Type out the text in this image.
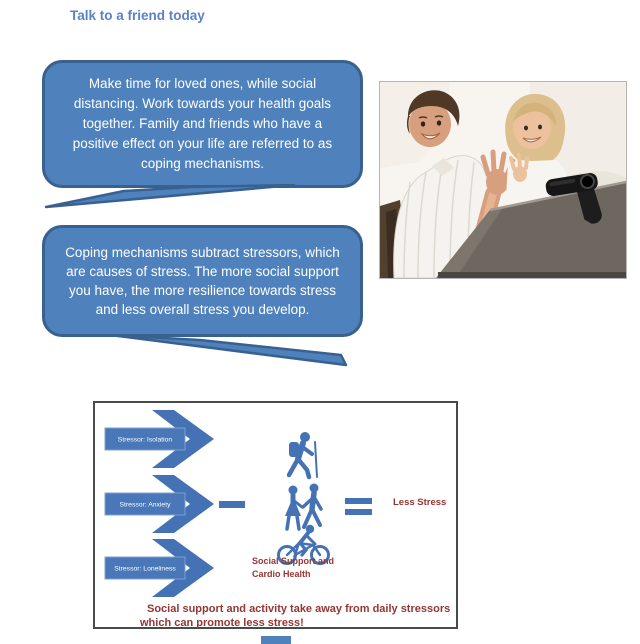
Talk to a friend today
Make time for loved ones, while social distancing. Work towards your health goals together. Family and friends who have a positive effect on your life are referred to as coping mechanisms.
Coping mechanisms subtract stressors, which are causes of stress. The more social support you have, the more resilience towards stress and less overall stress you develop.
Stressor: Isolation
Stressor: Anxiety
Stressor: Loneliness
Social Support and
Cardio Health
Less Stress
Social support and activity take away from daily stressors
which can promote less stress!
